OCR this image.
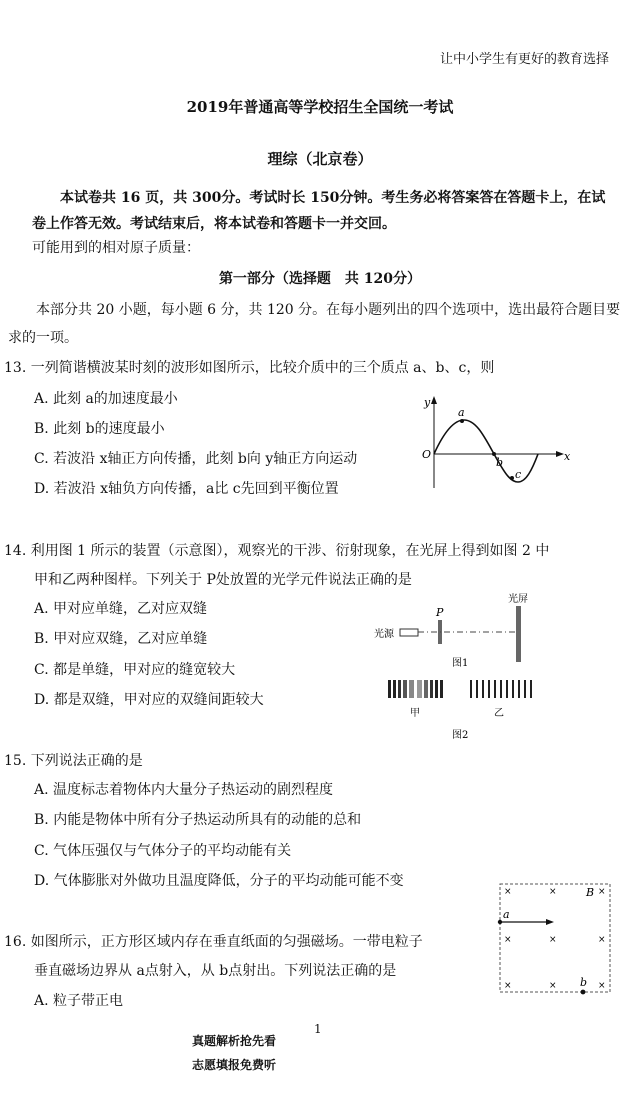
让中小学生有更好的教育选择
2019年普通高等学校招生全国统一考试
理综（北京卷）
本试卷共 16 页，共 300分。考试时长 150分钟。考生务必将答案答在答题卡上，在试
卷上作答无效。考试结束后，将本试卷和答题卡一并交回。
可能用到的相对原子质量：
第一部分（选择题　共 120分）
本部分共 20 小题，每小题 6 分，共 120 分。在每小题列出的四个选项中，选出最符合题目要求的一项。
13. 一列简谐横波某时刻的波形如图所示，比较介质中的三个质点 a、b、c，则
A. 此刻 a的加速度最小
B. 此刻 b的速度最小
C. 若波沿 x轴正方向传播，此刻 b向 y轴正方向运动
D. 若波沿 x轴负方向传播，a比 c先回到平衡位置
y
x
O
a
b
c
14. 利用图 1 所示的装置（示意图），观察光的干涉、衍射现象，在光屏上得到如图 2 中
甲和乙两种图样。下列关于 P处放置的光学元件说法正确的是
A. 甲对应单缝，乙对应双缝
B. 甲对应双缝，乙对应单缝
C. 都是单缝，甲对应的缝宽较大
D. 都是双缝，甲对应的双缝间距较大
光屏
P
光源
图1
甲	乙
图2
15. 下列说法正确的是
A. 温度标志着物体内大量分子热运动的剧烈程度
B. 内能是物体中所有分子热运动所具有的动能的总和
C. 气体压强仅与气体分子的平均动能有关
D. 气体膨胀对外做功且温度降低，分子的平均动能可能不变
16. 如图所示，正方形区域内存在垂直纸面的匀强磁场。一带电粒子
垂直磁场边界从 a点射入，从 b点射出。下列说法正确的是
A. 粒子带正电
B
×	×	×
×	×	×
×	×	×
a
b
1
真题解析抢先看
志愿填报免费听
